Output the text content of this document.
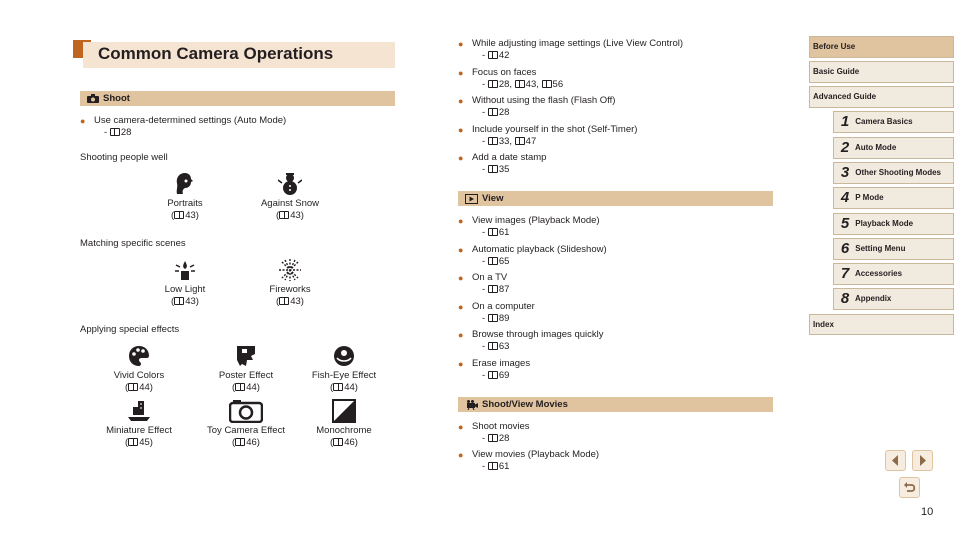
Common Camera Operations
Shoot
● Use camera-determined settings (Auto Mode)
- 28
Shooting people well
Portraits
( 43)
Against Snow
( 43)
Matching specific scenes
Low Light
( 43)
Fireworks
( 43)
Applying special effects
Vivid Colors
( 44)
Poster Effect
( 44)
Fish-Eye Effect
( 44)
Miniature Effect
( 45)
Toy Camera Effect
( 46)
Monochrome
( 46)
● While adjusting image settings (Live View Control)
- 42
● Focus on faces
- 28, 43, 56
● Without using the flash (Flash Off)
- 28
● Include yourself in the shot (Self-Timer)
- 33, 47
● Add a date stamp
- 35
View
● View images (Playback Mode)
- 61
● Automatic playback (Slideshow)
- 65
● On a TV
- 87
● On a computer
- 89
● Browse through images quickly
- 63
● Erase images
- 69
Shoot/View Movies
● Shoot movies
- 28
● View movies (Playback Mode)
- 61
Before Use
Basic Guide
Advanced Guide
1 Camera Basics
2 Auto Mode
3 Other Shooting Modes
4 P Mode
5 Playback Mode
6 Setting Menu
7 Accessories
8 Appendix
Index
10
